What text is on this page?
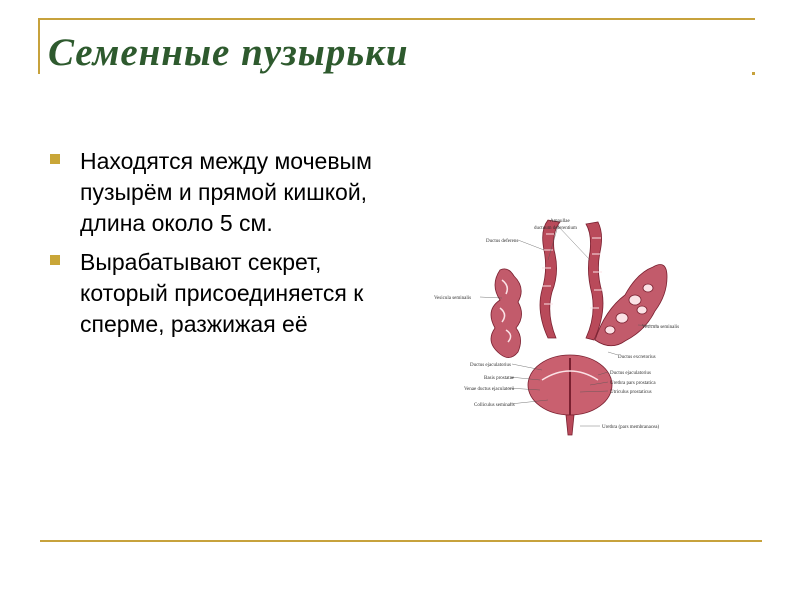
Семенные пузырьки
Находятся между мочевым пузырём и прямой кишкой, длина около 5 см.
Вырабатывают секрет, который присоединяется к сперме, разжижая её
Ampullae
ductuum deferentium
Ductus deferens
Vesicula seminalis
Vesicula seminalis
Ductus excretorius
Ductus ejaculatorius
Basis prostatae
Venae ductus ejaculatorii
Colliculus seminalis
Ductus ejaculatorius
Urethra pars prostatica
Utriculus prostaticus
Urethra (pars membranacea)
